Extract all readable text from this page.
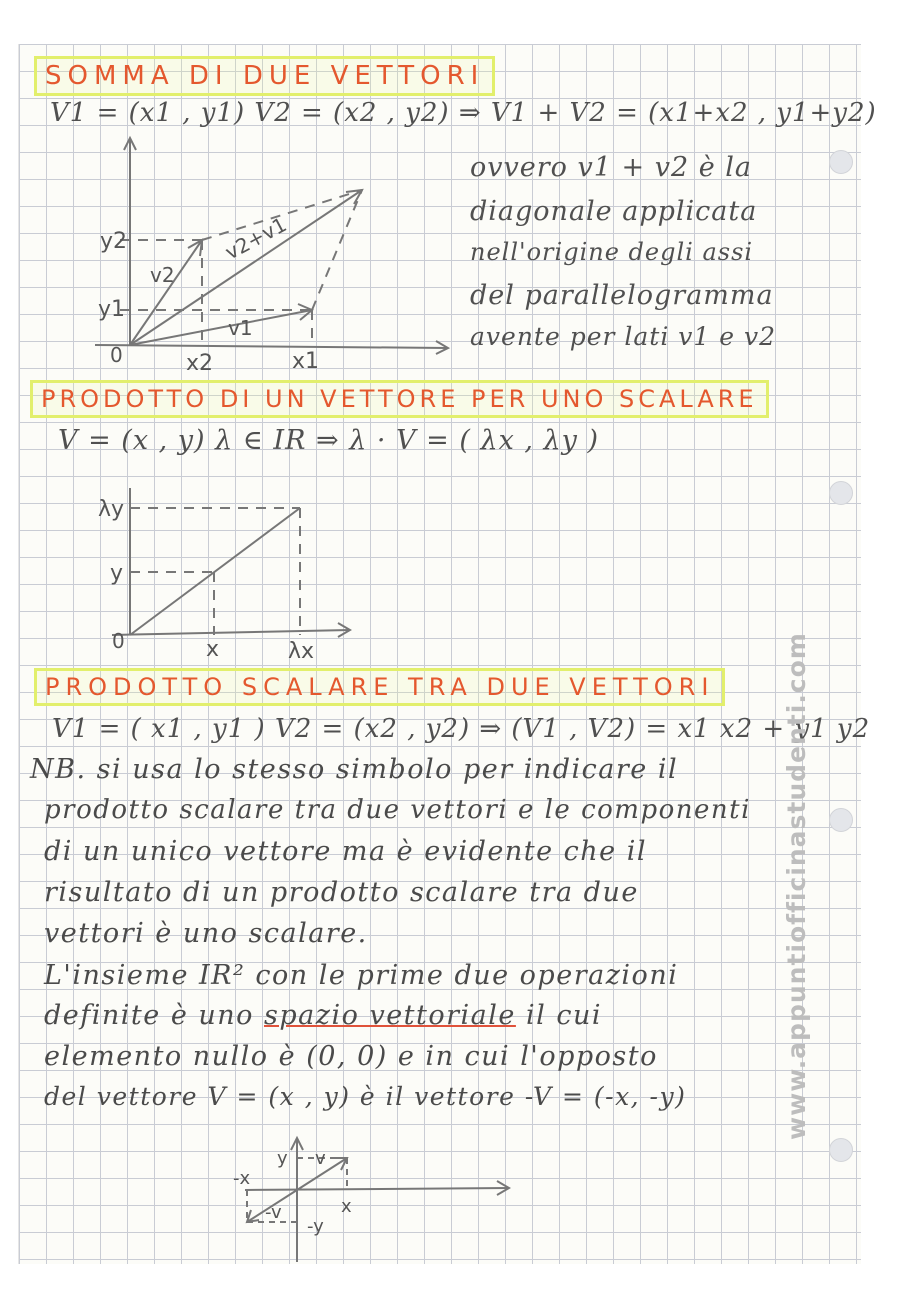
SOMMA DI DUE VETTORI
V1 = (x1 , y1) V2 = (x2 , y2) ⇒ V1 + V2 = (x1+x2 , y1+y2)
y2
y1
v2
v1
v2+v1
0	x2	x1
ovvero v1 + v2 è la
diagonale applicata
nell'origine degli assi
del parallelogramma
avente per lati v1 e v2
PRODOTTO DI UN VETTORE PER UNO SCALARE
V = (x , y) λ ∈ IR ⇒ λ · V = ( λx , λy )
λy
y
0	x	λx
PRODOTTO SCALARE TRA DUE VETTORI
V1 = ( x1 , y1 ) V2 = (x2 , y2) ⇒ (V1 , V2) = x1 x2 + y1 y2
NB. si usa lo stesso simbolo per indicare il
prodotto scalare tra due vettori e le componenti
di un unico vettore ma è evidente che il
risultato di un prodotto scalare tra due
vettori è uno scalare.
L'insieme IR² con le prime due operazioni
definite è uno spazio vettoriale il cui
elemento nullo è (0, 0) e in cui l'opposto
del vettore V = (x , y) è il vettore -V = (-x, -y)
y v
-x
x
-v
-y
www.appuntiofficinastudenti.com
